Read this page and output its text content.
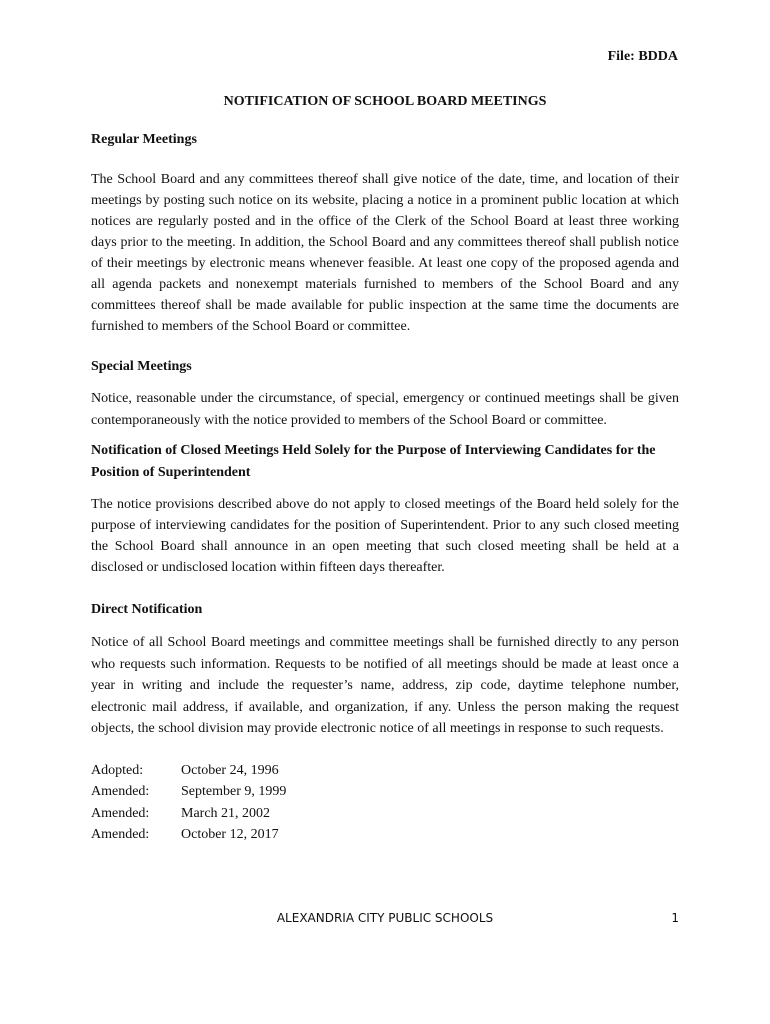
File: BDDA
NOTIFICATION OF SCHOOL BOARD MEETINGS
Regular Meetings

The School Board and any committees thereof shall give notice of the date, time, and location of their meetings by posting such notice on its website, placing a notice in a prominent public location at which notices are regularly posted and in the office of the Clerk of the School Board at least three working days prior to the meeting. In addition, the School Board and any committees thereof shall publish notice of their meetings by electronic means whenever feasible. At least one copy of the proposed agenda and all agenda packets and nonexempt materials furnished to members of the School Board and any committees thereof shall be made available for public inspection at the same time the documents are furnished to members of the School Board or committee.

Special Meetings

Notice, reasonable under the circumstance, of special, emergency or continued meetings shall be given contemporaneously with the notice provided to members of the School Board or committee.

Notification of Closed Meetings Held Solely for the Purpose of Interviewing Candidates for the Position of Superintendent

The notice provisions described above do not apply to closed meetings of the Board held solely for the purpose of interviewing candidates for the position of Superintendent. Prior to any such closed meeting the School Board shall announce in an open meeting that such closed meeting shall be held at a disclosed or undisclosed location within fifteen days thereafter.

Direct Notification

Notice of all School Board meetings and committee meetings shall be furnished directly to any person who requests such information. Requests to be notified of all meetings should be made at least once a year in writing and include the requester’s name, address, zip code, daytime telephone number, electronic mail address, if available, and organization, if any. Unless the person making the request objects, the school division may provide electronic notice of all meetings in response to such requests.

Adopted:	October 24, 1996
Amended:	September 9, 1999
Amended:	March 21, 2002
Amended:	October 12, 2017
ALEXANDRIA CITY PUBLIC SCHOOLS	1
